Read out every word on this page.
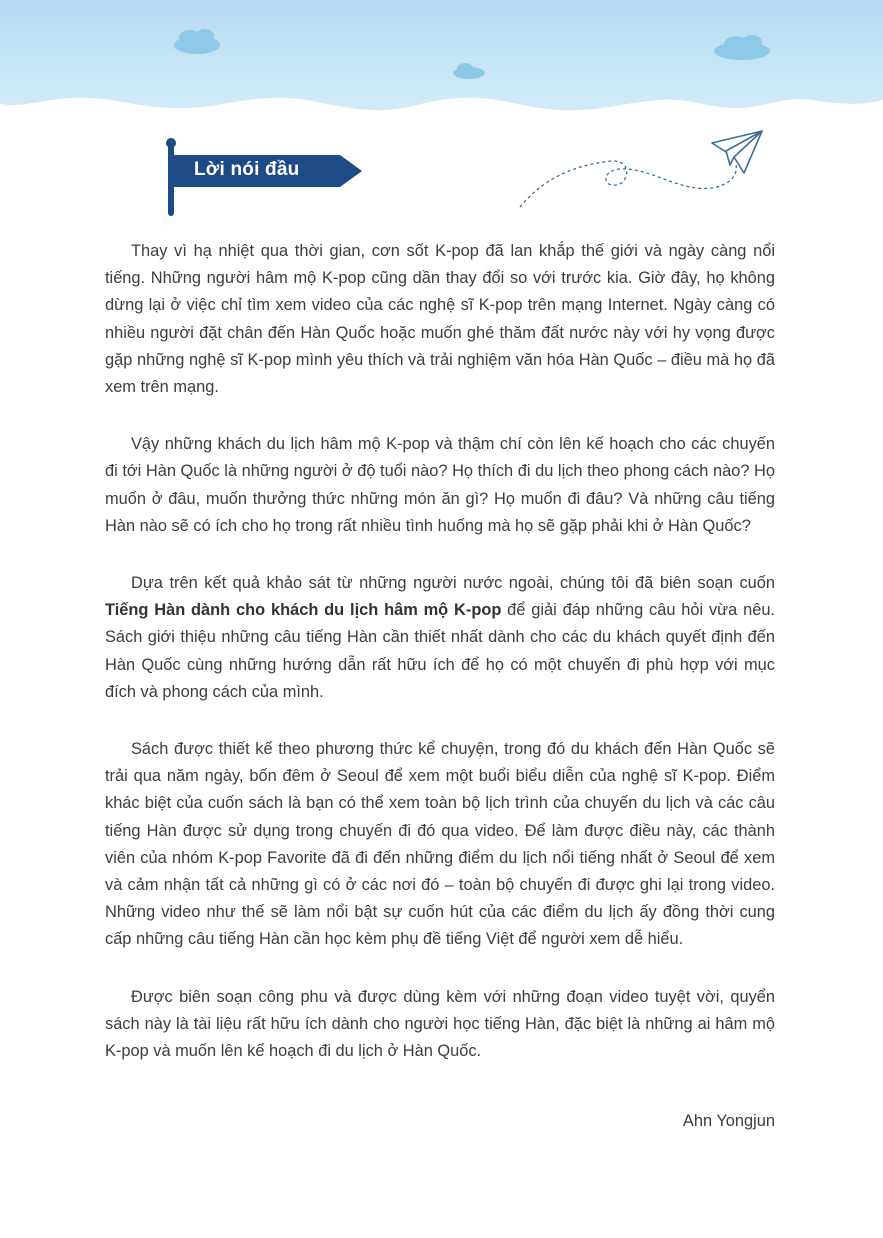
Lời nói đầu

Thay vì hạ nhiệt qua thời gian, cơn sốt K-pop đã lan khắp thế giới và ngày càng nổi tiếng. Những người hâm mộ K-pop cũng dần thay đổi so với trước kia. Giờ đây, họ không dừng lại ở việc chỉ tìm xem video của các nghệ sĩ K-pop trên mạng Internet. Ngày càng có nhiều người đặt chân đến Hàn Quốc hoặc muốn ghé thăm đất nước này với hy vọng được gặp những nghệ sĩ K-pop mình yêu thích và trải nghiệm văn hóa Hàn Quốc – điều mà họ đã xem trên mạng.

Vậy những khách du lịch hâm mộ K-pop và thậm chí còn lên kế hoạch cho các chuyến đi tới Hàn Quốc là những người ở độ tuổi nào? Họ thích đi du lịch theo phong cách nào? Họ muốn ở đâu, muốn thưởng thức những món ăn gì? Họ muốn đi đâu? Và những câu tiếng Hàn nào sẽ có ích cho họ trong rất nhiều tình huống mà họ sẽ gặp phải khi ở Hàn Quốc?

Dựa trên kết quả khảo sát từ những người nước ngoài, chúng tôi đã biên soạn cuốn Tiếng Hàn dành cho khách du lịch hâm mộ K-pop để giải đáp những câu hỏi vừa nêu. Sách giới thiệu những câu tiếng Hàn cần thiết nhất dành cho các du khách quyết định đến Hàn Quốc cùng những hướng dẫn rất hữu ích để họ có một chuyến đi phù hợp với mục đích và phong cách của mình.

Sách được thiết kế theo phương thức kể chuyện, trong đó du khách đến Hàn Quốc sẽ trải qua năm ngày, bốn đêm ở Seoul để xem một buổi biểu diễn của nghệ sĩ K-pop. Điểm khác biệt của cuốn sách là bạn có thể xem toàn bộ lịch trình của chuyến du lịch và các câu tiếng Hàn được sử dụng trong chuyến đi đó qua video. Để làm được điều này, các thành viên của nhóm K-pop Favorite đã đi đến những điểm du lịch nổi tiếng nhất ở Seoul để xem và cảm nhận tất cả những gì có ở các nơi đó – toàn bộ chuyến đi được ghi lại trong video. Những video như thế sẽ làm nổi bật sự cuốn hút của các điểm du lịch ấy đồng thời cung cấp những câu tiếng Hàn cần học kèm phụ đề tiếng Việt để người xem dễ hiểu.

Được biên soạn công phu và được dùng kèm với những đoạn video tuyệt vời, quyển sách này là tài liệu rất hữu ích dành cho người học tiếng Hàn, đặc biệt là những ai hâm mộ K-pop và muốn lên kế hoạch đi du lịch ở Hàn Quốc.

Ahn Yongjun
